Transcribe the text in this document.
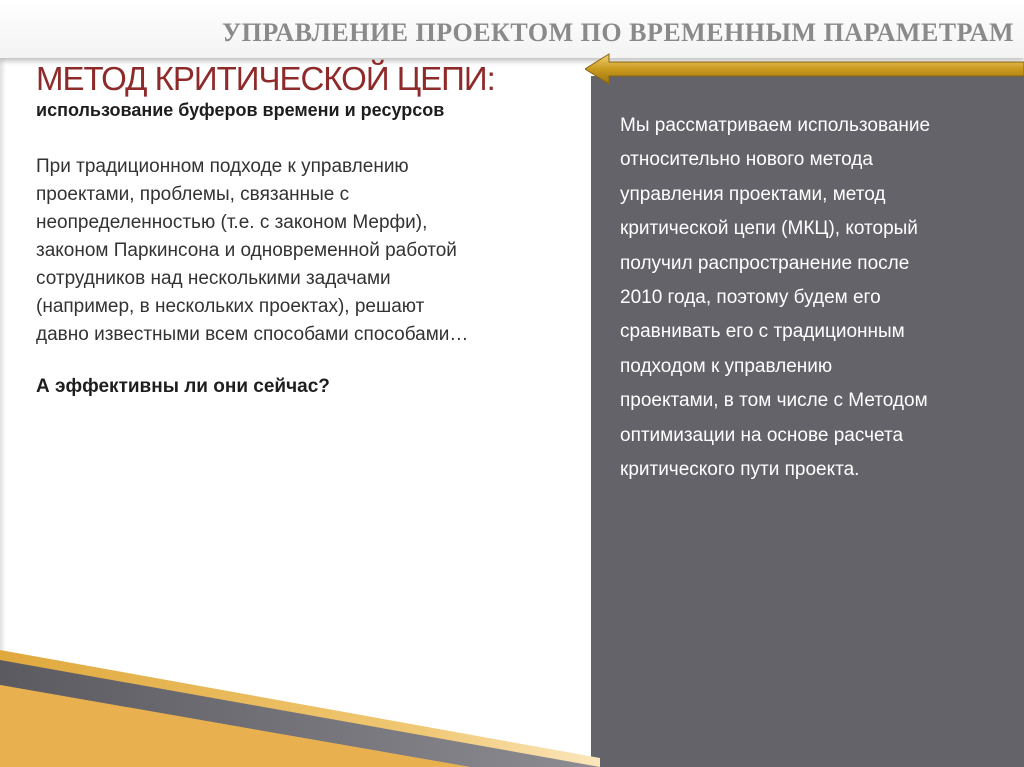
УПРАВЛЕНИЕ ПРОЕКТОМ ПО ВРЕМЕННЫМ ПАРАМЕТРАМ
МЕТОД КРИТИЧЕСКОЙ ЦЕПИ:
использование буферов времени и ресурсов
При традиционном подходе к управлению
проектами, проблемы, связанные с
неопределенностью (т.е. с законом Мерфи),
законом Паркинсона и одновременной работой
сотрудников над несколькими задачами
(например, в нескольких проектах), решают
давно известными всем способами способами…
А эффективны ли они сейчас?
Мы рассматриваем использование
относительно нового метода
управления проектами, метод
критической цепи (МКЦ), который
получил распространение после
2010 года, поэтому будем его
сравнивать его с традиционным
подходом к управлению
проектами, в том числе с Методом
оптимизации на основе расчета
критического пути проекта.
